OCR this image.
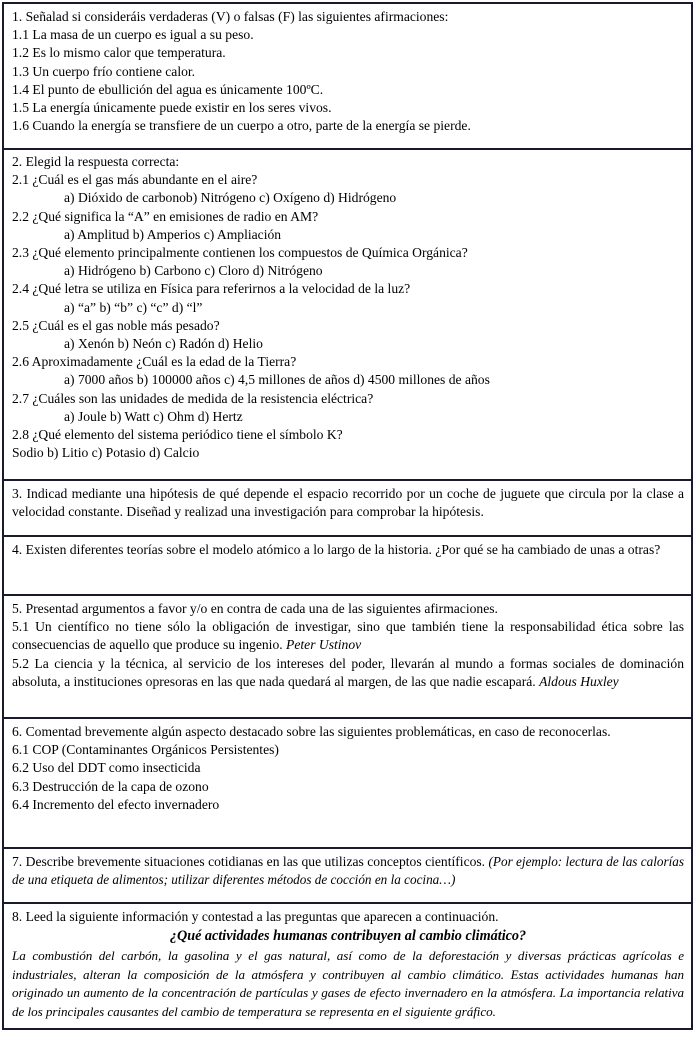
1. Señalad si consideráis verdaderas (V) o falsas (F) las siguientes afirmaciones:
1.1 La masa de un cuerpo es igual a su peso.
1.2 Es lo mismo calor que temperatura.
1.3 Un cuerpo frío contiene calor.
1.4 El punto de ebullición del agua es únicamente 100ºC.
1.5 La energía únicamente puede existir en los seres vivos.
1.6 Cuando la energía se transfiere de un cuerpo a otro, parte de la energía se pierde.
2. Elegid la respuesta correcta:
2.1 ¿Cuál es el gas más abundante en el aire?
a) Dióxido de carbonob) Nitrógeno c) Oxígeno d) Hidrógeno
2.2 ¿Qué significa la “A” en emisiones de radio en AM?
a) Amplitud b) Amperios c) Ampliación
2.3 ¿Qué elemento principalmente contienen los compuestos de Química Orgánica?
a) Hidrógeno b) Carbono c) Cloro d) Nitrógeno
2.4 ¿Qué letra se utiliza en Física para referirnos a la velocidad de la luz?
a) “a” b) “b” c) “c” d) “l”
2.5 ¿Cuál es el gas noble más pesado?
a) Xenón b) Neón c) Radón d) Helio
2.6 Aproximadamente ¿Cuál es la edad de la Tierra?
a) 7000 años b) 100000 años c) 4,5 millones de años d) 4500 millones de años
2.7 ¿Cuáles son las unidades de medida de la resistencia eléctrica?
a) Joule b) Watt c) Ohm d) Hertz
2.8 ¿Qué elemento del sistema periódico tiene el símbolo K?
Sodio b) Litio c) Potasio d) Calcio
3. Indicad mediante una hipótesis de qué depende el espacio recorrido por un coche de juguete que circula por la clase a velocidad constante. Diseñad y realizad una investigación para comprobar la hipótesis.
4. Existen diferentes teorías sobre el modelo atómico a lo largo de la historia. ¿Por qué se ha cambiado de unas a otras?
5. Presentad argumentos a favor y/o en contra de cada una de las siguientes afirmaciones.
5.1 Un científico no tiene sólo la obligación de investigar, sino que también tiene la responsabilidad ética sobre las consecuencias de aquello que produce su ingenio. Peter Ustinov
5.2 La ciencia y la técnica, al servicio de los intereses del poder, llevarán al mundo a formas sociales de dominación absoluta, a instituciones opresoras en las que nada quedará al margen, de las que nadie escapará. Aldous Huxley
6. Comentad brevemente algún aspecto destacado sobre las siguientes problemáticas, en caso de reconocerlas.
6.1 COP (Contaminantes Orgánicos Persistentes)
6.2 Uso del DDT como insecticida
6.3 Destrucción de la capa de ozono
6.4 Incremento del efecto invernadero
7. Describe brevemente situaciones cotidianas en las que utilizas conceptos científicos. (Por ejemplo: lectura de las calorías de una etiqueta de alimentos; utilizar diferentes métodos de cocción en la cocina…)
8. Leed la siguiente información y contestad a las preguntas que aparecen a continuación.
¿Qué actividades humanas contribuyen al cambio climático?
La combustión del carbón, la gasolina y el gas natural, así como de la deforestación y diversas prácticas agrícolas e industriales, alteran la composición de la atmósfera y contribuyen al cambio climático. Estas actividades humanas han originado un aumento de la concentración de partículas y gases de efecto invernadero en la atmósfera. La importancia relativa de los principales causantes del cambio de temperatura se representa en el siguiente gráfico.
